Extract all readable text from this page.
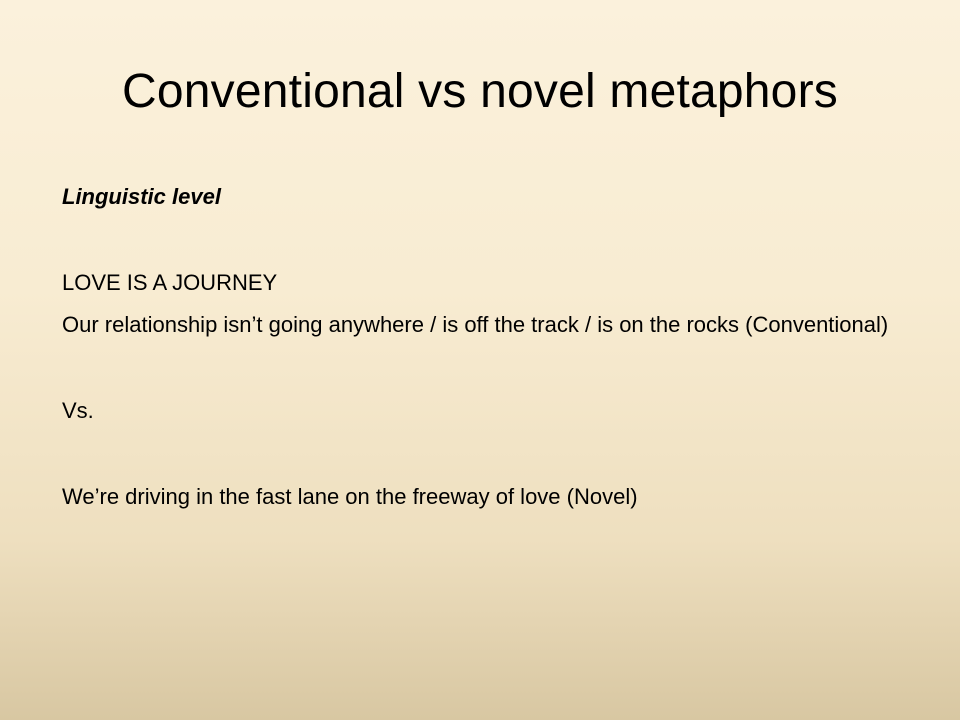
Conventional vs novel metaphors

Linguistic level

LOVE IS A JOURNEY

Our relationship isn’t going anywhere / is off the track / is on the rocks (Conventional)

Vs.

We’re driving in the fast lane on the freeway of love (Novel)
